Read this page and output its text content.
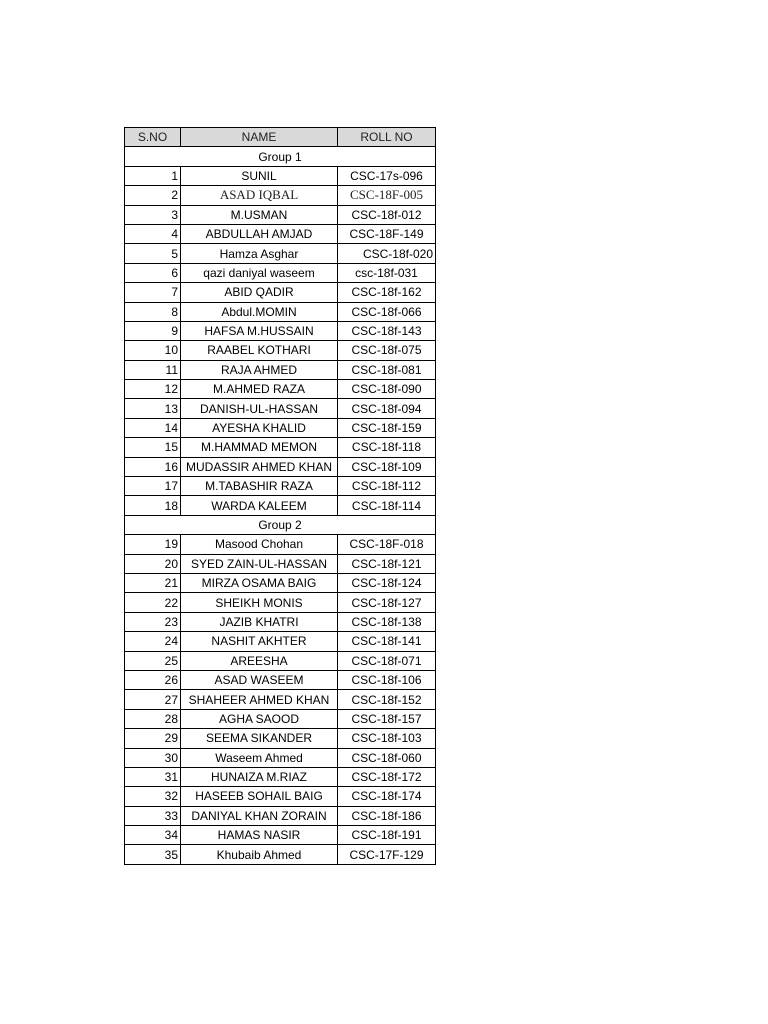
S.NO	NAME	ROLL NO
Group 1		
1	SUNIL	CSC-17s-096
2	ASAD IQBAL	CSC-18F-005
3	M.USMAN	CSC-18f-012
4	ABDULLAH AMJAD	CSC-18F-149
5	Hamza Asghar	CSC-18f-020
6	qazi daniyal waseem	csc-18f-031
7	ABID QADIR	CSC-18f-162
8	Abdul.MOMIN	CSC-18f-066
9	HAFSA M.HUSSAIN	CSC-18f-143
10	RAABEL KOTHARI	CSC-18f-075
11	RAJA AHMED	CSC-18f-081
12	M.AHMED RAZA	CSC-18f-090
13	DANISH-UL-HASSAN	CSC-18f-094
14	AYESHA KHALID	CSC-18f-159
15	M.HAMMAD MEMON	CSC-18f-118
16	MUDASSIR AHMED KHAN	CSC-18f-109
17	M.TABASHIR RAZA	CSC-18f-112
18	WARDA KALEEM	CSC-18f-114
Group 2		
19	Masood Chohan	CSC-18F-018
20	SYED ZAIN-UL-HASSAN	CSC-18f-121
21	MIRZA OSAMA BAIG	CSC-18f-124
22	SHEIKH MONIS	CSC-18f-127
23	JAZIB KHATRI	CSC-18f-138
24	NASHIT AKHTER	CSC-18f-141
25	AREESHA	CSC-18f-071
26	ASAD WASEEM	CSC-18f-106
27	SHAHEER AHMED KHAN	CSC-18f-152
28	AGHA SAOOD	CSC-18f-157
29	SEEMA SIKANDER	CSC-18f-103
30	Waseem Ahmed	CSC-18f-060
31	HUNAIZA M.RIAZ	CSC-18f-172
32	HASEEB SOHAIL BAIG	CSC-18f-174
33	DANIYAL KHAN ZORAIN	CSC-18f-186
34	HAMAS NASIR	CSC-18f-191
35	Khubaib Ahmed	CSC-17F-129
